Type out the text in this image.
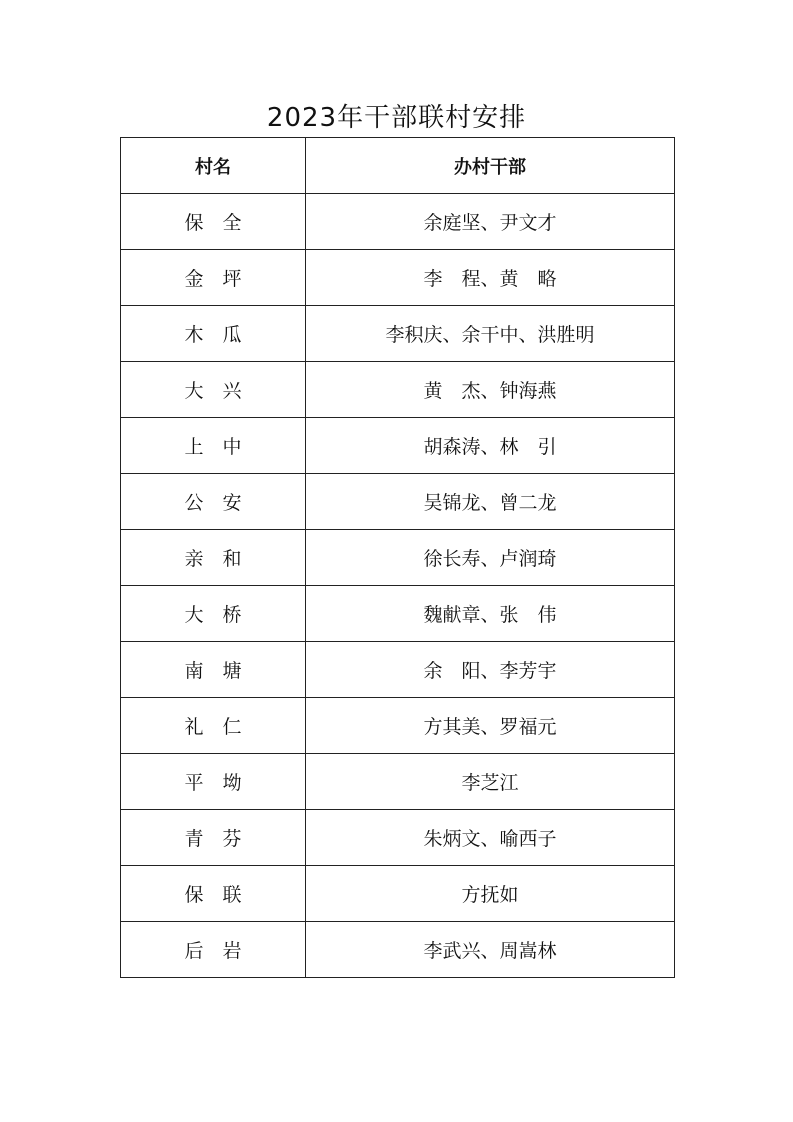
2023年干部联村安排
村名	办村干部
保　全	余庭坚、尹文才
金　坪	李　程、黄　略
木　瓜	李积庆、余干中、洪胜明
大　兴	黄　杰、钟海燕
上　中	胡森涛、林　引
公　安	吴锦龙、曾二龙
亲　和	徐长寿、卢润琦
大　桥	魏献章、张　伟
南　塘	余　阳、李芳宇
礼　仁	方其美、罗福元
平　坳	李芝江
青　芬	朱炳文、喻西子
保　联	方抚如
后　岩	李武兴、周嵩林
